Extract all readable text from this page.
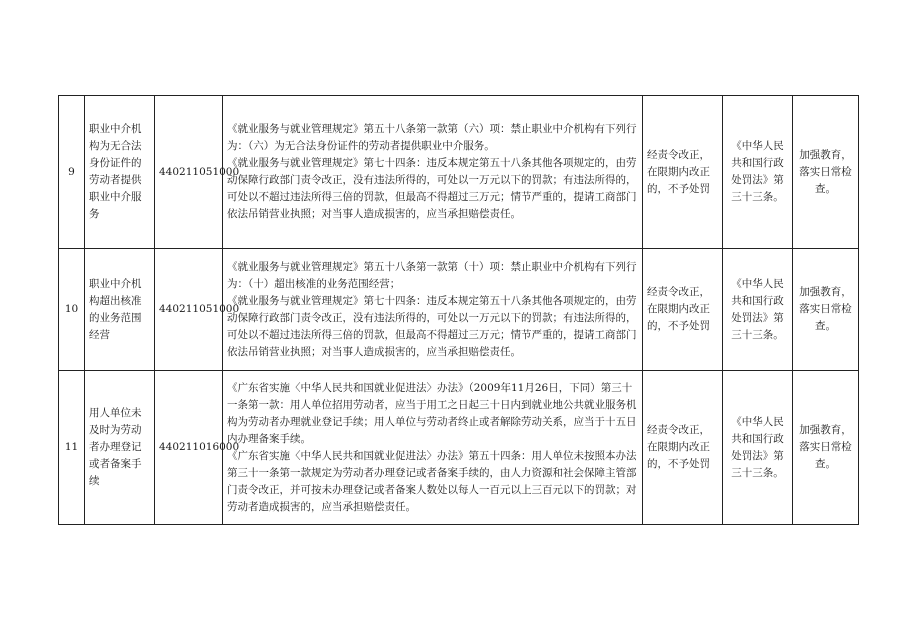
9	职业中介机构为无合法身份证件的劳动者提供职业中介服务	440211051000	《就业服务与就业管理规定》第五十八条第一款第（六）项：禁止职业中介机构有下列行为：（六）为无合法身份证件的劳动者提供职业中介服务。

《就业服务与就业管理规定》第七十四条：违反本规定第五十八条其他各项规定的，由劳动保障行政部门责令改正，没有违法所得的，可处以一万元以下的罚款；有违法所得的，可处以不超过违法所得三倍的罚款，但最高不得超过三万元；情节严重的，提请工商部门依法吊销营业执照；对当事人造成损害的，应当承担赔偿责任。	经责令改正，在限期内改正的，不予处罚	《中华人民共和国行政处罚法》第三十三条。	加强教育，落实日常检查。
10	职业中介机构超出核准的业务范围经营	440211051000	《就业服务与就业管理规定》第五十八条第一款第（十）项：禁止职业中介机构有下列行为：（十）超出核准的业务范围经营；

《就业服务与就业管理规定》第七十四条：违反本规定第五十八条其他各项规定的，由劳动保障行政部门责令改正，没有违法所得的，可处以一万元以下的罚款；有违法所得的，可处以不超过违法所得三倍的罚款，但最高不得超过三万元；情节严重的，提请工商部门依法吊销营业执照；对当事人造成损害的，应当承担赔偿责任。	经责令改正，在限期内改正的，不予处罚	《中华人民共和国行政处罚法》第三十三条。	加强教育，落实日常检查。
11	用人单位未及时为劳动者办理登记或者备案手续	440211016000	《广东省实施〈中华人民共和国就业促进法〉办法》（2009年11月26日，下同）第三十一条第一款：用人单位招用劳动者，应当于用工之日起三十日内到就业地公共就业服务机构为劳动者办理就业登记手续；用人单位与劳动者终止或者解除劳动关系，应当于十五日内办理备案手续。

《广东省实施〈中华人民共和国就业促进法〉办法》第五十四条：用人单位未按照本办法第三十一条第一款规定为劳动者办理登记或者备案手续的，由人力资源和社会保障主管部门责令改正，并可按未办理登记或者备案人数处以每人一百元以上三百元以下的罚款；对劳动者造成损害的，应当承担赔偿责任。	经责令改正，在限期内改正的，不予处罚	《中华人民共和国行政处罚法》第三十三条。	加强教育，落实日常检查。
